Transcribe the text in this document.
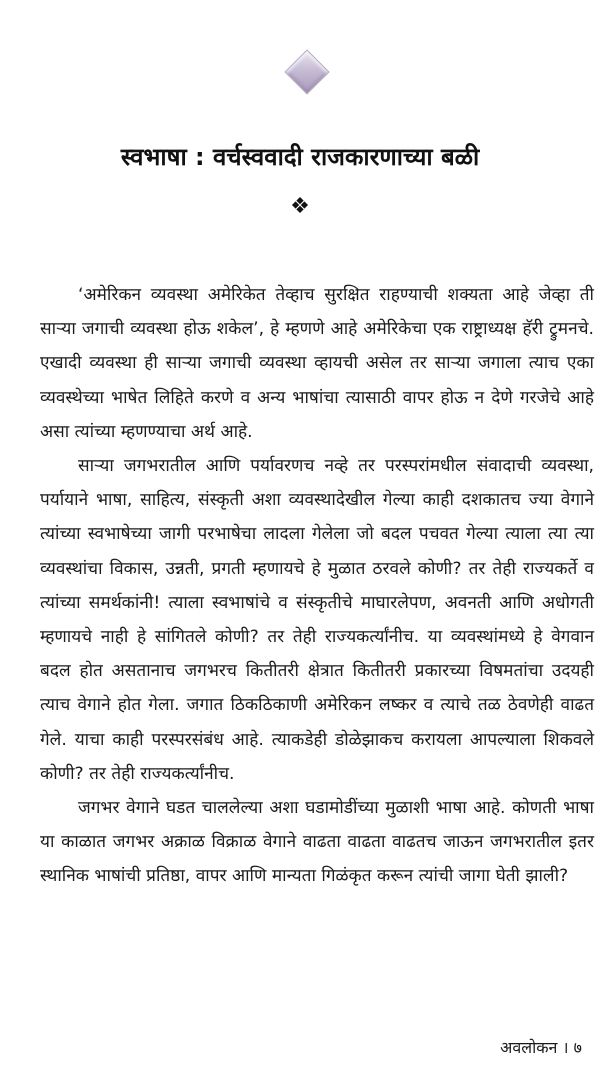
स्वभाषा : वर्चस्ववादी राजकारणाच्या बळी
❖

‘अमेरिकन व्यवस्था अमेरिकेत तेव्हाच सुरक्षित राहण्याची शक्यता आहे जेव्हा ती साऱ्या जगाची व्यवस्था होऊ शकेल’, हे म्हणणे आहे अमेरिकेचा एक राष्ट्राध्यक्ष हॅरी ट्रुमनचे. एखादी व्यवस्था ही साऱ्या जगाची व्यवस्था व्हायची असेल तर साऱ्या जगाला त्याच एका व्यवस्थेच्या भाषेत लिहिते करणे व अन्य भाषांचा त्यासाठी वापर होऊ न देणे गरजेचे आहे असा त्यांच्या म्हणण्याचा अर्थ आहे.

साऱ्या जगभरातील आणि पर्यावरणच नव्हे तर परस्परांमधील संवादाची व्यवस्था, पर्यायाने भाषा, साहित्य, संस्कृती अशा व्यवस्थादेखील गेल्या काही दशकातच ज्या वेगाने त्यांच्या स्वभाषेच्या जागी परभाषेचा लादला गेलेला जो बदल पचवत गेल्या त्याला त्या त्या व्यवस्थांचा विकास, उन्नती, प्रगती म्हणायचे हे मुळात ठरवले कोणी? तर तेही राज्यकर्ते व त्यांच्या समर्थकांनी! त्याला स्वभाषांचे व संस्कृतीचे माघारलेपण, अवनती आणि अधोगती म्हणायचे नाही हे सांगितले कोणी? तर तेही राज्यकर्त्यांनीच. या व्यवस्थांमध्ये हे वेगवान बदल होत असतानाच जगभरच कितीतरी क्षेत्रात कितीतरी प्रकारच्या विषमतांचा उदयही त्याच वेगाने होत गेला. जगात ठिकठिकाणी अमेरिकन लष्कर व त्याचे तळ ठेवणेही वाढत गेले. याचा काही परस्परसंबंध आहे. त्याकडेही डोळेझाकच करायला आपल्याला शिकवले कोणी? तर तेही राज्यकर्त्यांनीच.

जगभर वेगाने घडत चाललेल्या अशा घडामोडींच्या मुळाशी भाषा आहे. कोणती भाषा या काळात जगभर अक्राळ विक्राळ वेगाने वाढता वाढता वाढतच जाऊन जगभरातील इतर स्थानिक भाषांची प्रतिष्ठा, वापर आणि मान्यता गिळंकृत करून त्यांची जागा घेती झाली?

अवलोकन । ७
